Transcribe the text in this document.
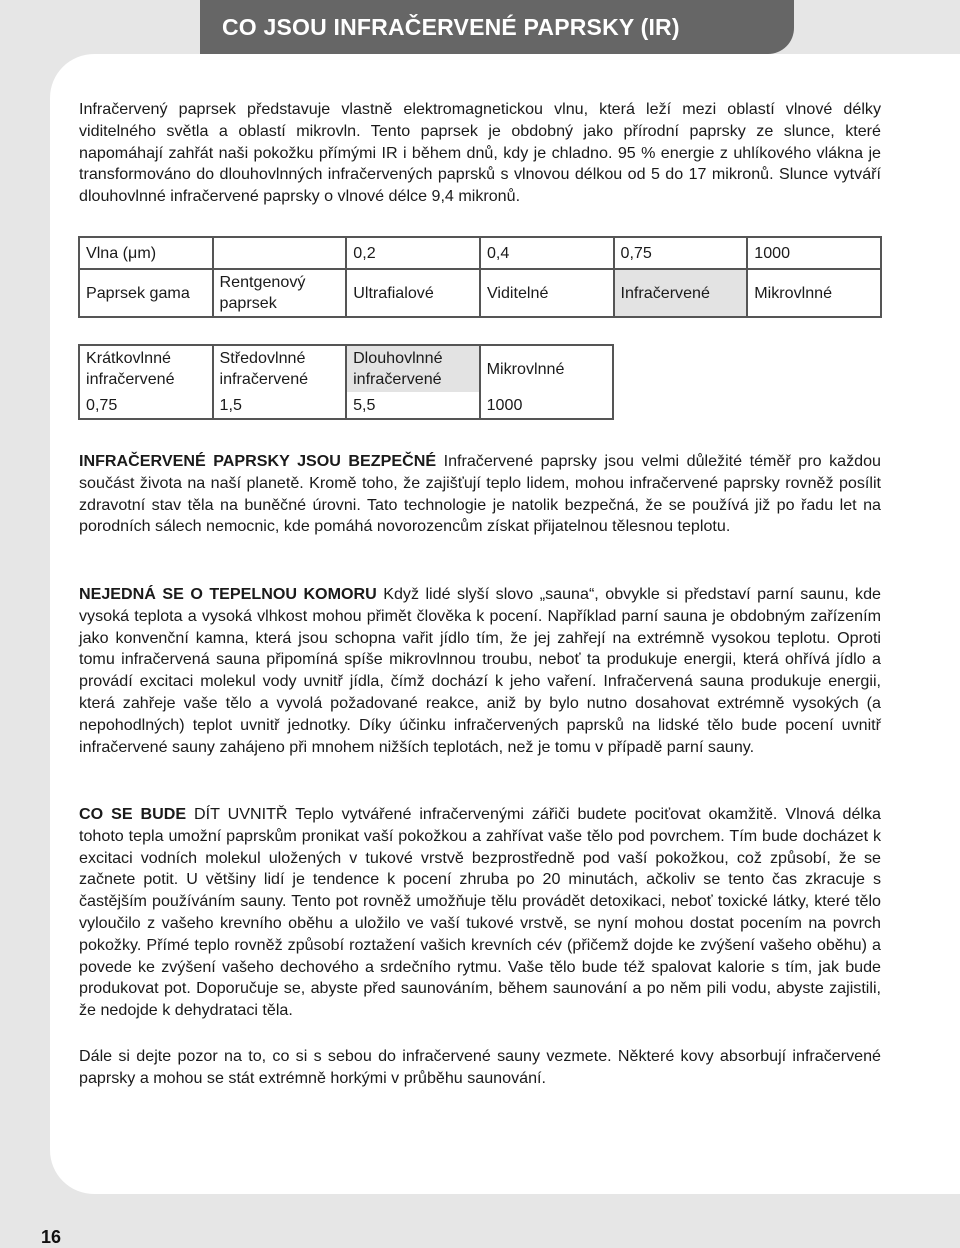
CO JSOU INFRAČERVENÉ PAPRSKY (IR)

Infračervený paprsek představuje vlastně elektromagnetickou vlnu, která leží mezi oblastí vlnové délky viditelného světla a oblastí mikrovln. Tento paprsek je obdobný jako přírodní paprsky ze slunce, které napomáhají zahřát naši pokožku přímými IR i během dnů, kdy je chladno. 95 % energie z uhlíkového vlákna je transformováno do dlouhovlnných infračervených paprsků s vlnovou délkou od 5 do 17 mikronů. Slunce vytváří dlouhovlnné infračervené paprsky o vlnové délce 9,4 mikronů.

Vlna (μm)		0,2	0,4	0,75	1000
Paprsek gama	Rentgenový paprsek	Ultrafialové	Viditelné	Infračervené	Mikrovlnné
Krátkovlnné infračervené	Středovlnné infračervené	Dlouhovlnné infračervené	Mikrovlnné
0,75	1,5	5,5	1000

INFRAČERVENÉ PAPRSKY JSOU BEZPEČNÉ Infračervené paprsky jsou velmi důležité téměř pro každou součást života na naší planetě. Kromě toho, že zajišťují teplo lidem, mohou infračervené paprsky rovněž posílit zdravotní stav těla na buněčné úrovni. Tato technologie je natolik bezpečná, že se používá již po řadu let na porodních sálech nemocnic, kde pomáhá novorozencům získat přijatelnou tělesnou teplotu.

NEJEDNÁ SE O TEPELNOU KOMORU Když lidé slyší slovo „sauna“, obvykle si představí parní saunu, kde vysoká teplota a vysoká vlhkost mohou přimět člověka k pocení. Například parní sauna je obdobným zařízením jako konvenční kamna, která jsou schopna vařit jídlo tím, že jej zahřejí na extrémně vysokou teplotu. Oproti tomu infračervená sauna připomíná spíše mikrovlnnou troubu, neboť ta produkuje energii, která ohřívá jídlo a provádí excitaci molekul vody uvnitř jídla, čímž dochází k jeho vaření. Infračervená sauna produkuje energii, která zahřeje vaše tělo a vyvolá požadované reakce, aniž by bylo nutno dosahovat extrémně vysokých (a nepohodlných) teplot uvnitř jednotky. Díky účinku infračervených paprsků na lidské tělo bude pocení uvnitř infračervené sauny zahájeno při mnohem nižších teplotách, než je tomu v případě parní sauny.

CO SE BUDE DÍT UVNITŘ Teplo vytvářené infračervenými zářiči budete pociťovat okamžitě. Vlnová délka tohoto tepla umožní paprskům pronikat vaší pokožkou a zahřívat vaše tělo pod povrchem. Tím bude docházet k excitaci vodních molekul uložených v tukové vrstvě bezprostředně pod vaší pokožkou, což způsobí, že se začnete potit. U většiny lidí je tendence k pocení zhruba po 20 minutách, ačkoliv se tento čas zkracuje s častějším používáním sauny. Tento pot rovněž umožňuje tělu provádět detoxikaci, neboť toxické látky, které tělo vyloučilo z vašeho krevního oběhu a uložilo ve vaší tukové vrstvě, se nyní mohou dostat pocením na povrch pokožky. Přímé teplo rovněž způsobí roztažení vašich krevních cév (přičemž dojde ke zvýšení vašeho oběhu) a povede ke zvýšení vašeho dechového a srdečního rytmu. Vaše tělo bude též spalovat kalorie s tím, jak bude produkovat pot. Doporučuje se, abyste před saunováním, během saunování a po něm pili vodu, abyste zajistili, že nedojde k dehydrataci těla.

Dále si dejte pozor na to, co si s sebou do infračervené sauny vezmete. Některé kovy absorbují infračervené paprsky a mohou se stát extrémně horkými v průběhu saunování.

16
